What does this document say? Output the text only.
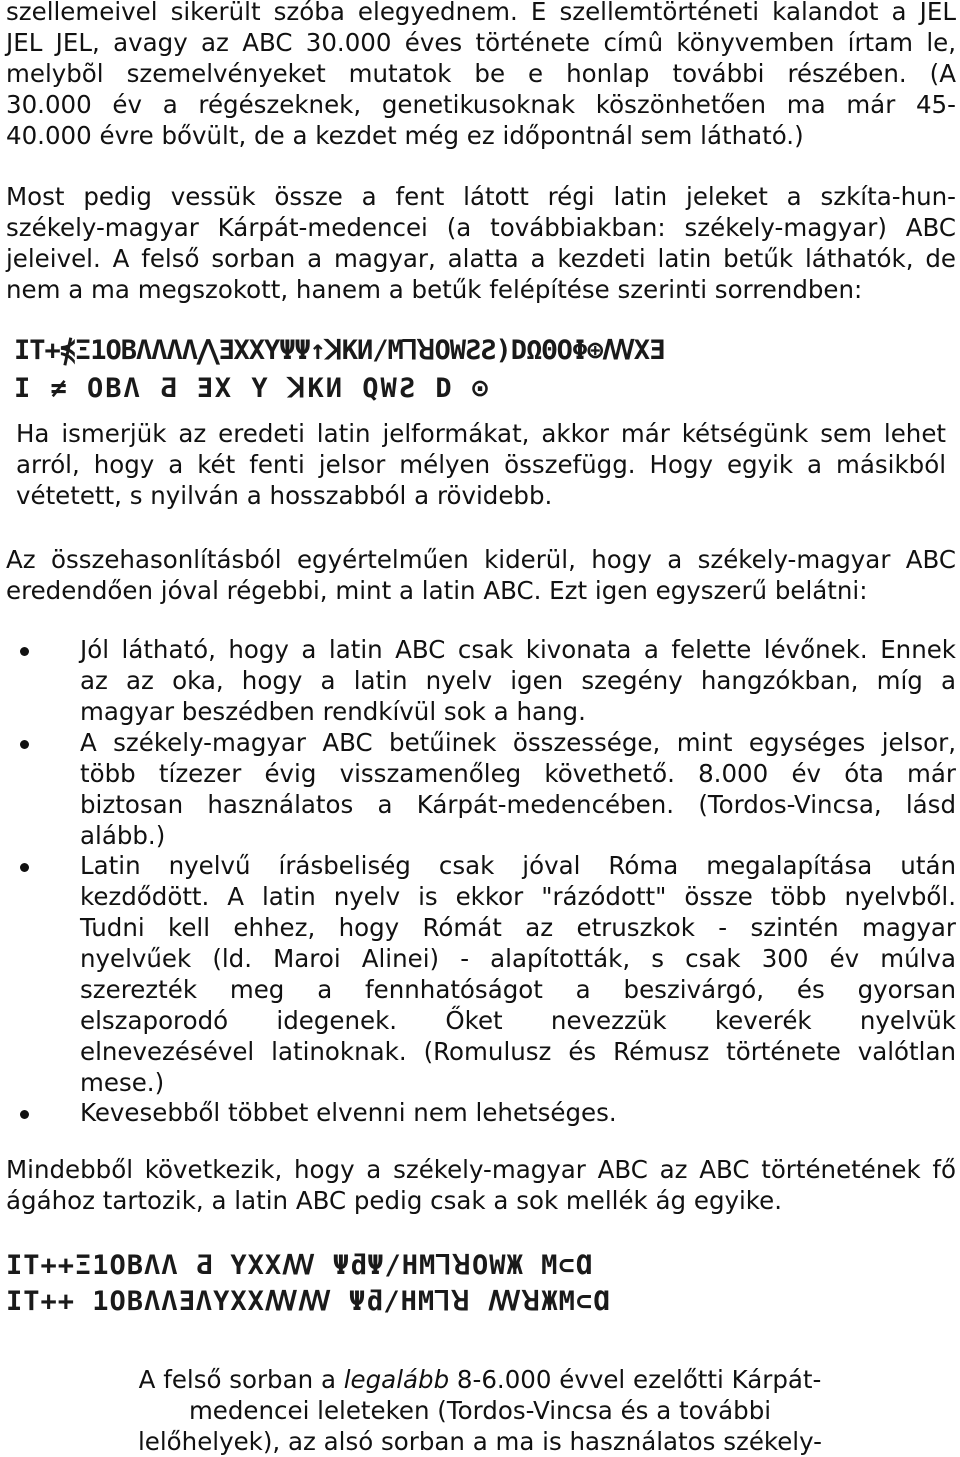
szellemeivel sikerült szóba elegyednem. E szellemtörténeti kalandot a JEL
JEL JEL, avagy az ABC 30.000 éves története címû könyvemben írtam le,
melybõl szemelvényeket mutatok be e honlap további részében. (A
30.000 év a régészeknek, genetikusoknak köszönhetően ma már 45-
40.000 évre bővült, de a kezdet még ez időpontnál sem látható.)
Most pedig vessük össze a fent látott régi latin jeleket a szkíta-hun-
székely-magyar Kárpát-medencei (a továbbiakban: székely-magyar) ABC
jeleivel. A felső sorban a magyar, alatta a kezdeti latin betűk láthatók, de
nem a ma megszokott, hanem a betűk felépítése szerinti sorrendben:
ΙΤ+⋠Ξ1ΟΒΛΛΛΛ⋀ƎXXYΨΨ↑ꓘКИ/Μ⅂ꓤOWƧƧ)DΩΘOΦ⊕ꟿXƎ
I ≠ ΟΒΛ Ƌ ƎX Y ꓘКИ QWƧ D ⊙
Ha ismerjük az eredeti latin jelformákat, akkor már kétségünk sem lehet
arról, hogy a két fenti jelsor mélyen összefügg. Hogy egyik a másikból
vétetett, s nyilván a hosszabból a rövidebb.
Az összehasonlításból egyértelműen kiderül, hogy a székely-magyar ABC
eredendően jóval régebbi, mint a latin ABC. Ezt igen egyszerű belátni:
Jól látható, hogy a latin ABC csak kivonata a felette lévőnek. Ennek
az az oka, hogy a latin nyelv igen szegény hangzókban, míg a
magyar beszédben rendkívül sok a hang.
A székely-magyar ABC betűinek összessége, mint egységes jelsor,
több tízezer évig visszamenőleg követhető. 8.000 év óta már
biztosan használatos a Kárpát-medencében. (Tordos-Vincsa, lásd
alább.)
Latin nyelvű írásbeliség csak jóval Róma megalapítása után
kezdődött. A latin nyelv is ekkor "rázódott" össze több nyelvből.
Tudni kell ehhez, hogy Rómát az etruszkok - szintén magyar
nyelvűek (ld. Maroi Alinei) - alapították, s csak 300 év múlva
szerezték meg a fennhatóságot a beszivárgó, és gyorsan
elszaporodó idegenek. Őket nevezzük keverék nyelvük
elnevezésével latinoknak. (Romulusz és Rémusz története valótlan
mese.)
Kevesebből többet elvenni nem lehetséges.
Mindebből következik, hogy a székely-magyar ABC az ABC történetének fő
ágához tartozik, a latin ABC pedig csak a sok mellék ág egyike.
ΙΤ++Ξ1ΟΒΛΛ Ƌ YXXꟿ ΨƌΨ/ΗΜ⅂ꓤOWЖ Μ⊂Ɑ
ΙΤ++ 1ΟΒΛΛƎΛYXXꟿꟿ Ψƌ/ΗΜ⅂ꓤ ꟿꓤЖΜ⊂Ɑ
A felső sorban a legalább 8-6.000 évvel ezelőtti Kárpát-
medencei leleteken (Tordos-Vincsa és a további
lelőhelyek), az alsó sorban a ma is használatos székely-
